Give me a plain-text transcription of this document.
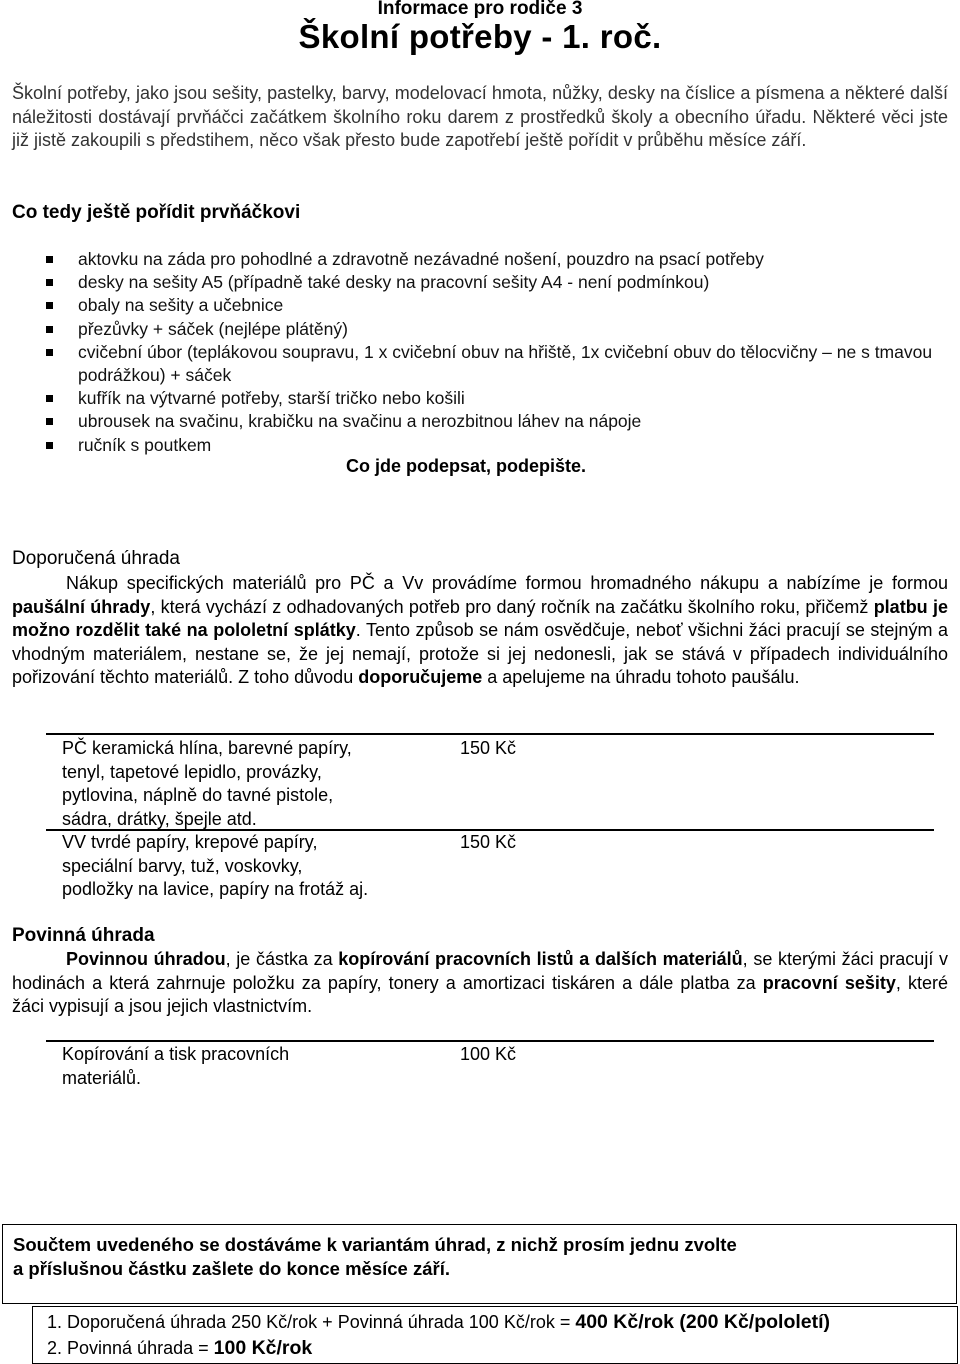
Informace pro rodiče 3
Školní potřeby - 1. roč.
Školní potřeby, jako jsou sešity, pastelky, barvy, modelovací hmota, nůžky, desky na číslice a písmena a některé další náležitosti dostávají prvňáčci začátkem školního roku darem z prostředků školy a obecního úřadu. Některé věci jste již jistě zakoupili s předstihem, něco však přesto bude zapotřebí ještě pořídit v průběhu měsíce září.
Co tedy ještě pořídit prvňáčkovi
aktovku na záda pro pohodlné a zdravotně nezávadné nošení, pouzdro na psací potřeby
desky na sešity A5 (případně také desky na pracovní sešity A4 - není podmínkou)
obaly na sešity a učebnice
přezůvky + sáček (nejlépe plátěný)
cvičební úbor (teplákovou soupravu, 1 x cvičební obuv na hřiště, 1x cvičební obuv do tělocvičny – ne s tmavou podrážkou) + sáček
kufřík na výtvarné potřeby, starší tričko nebo košili
ubrousek na svačinu, krabičku na svačinu a nerozbitnou láhev na nápoje
ručník s poutkem
Co jde podepsat, podepište.
Doporučená úhrada
Nákup specifických materiálů pro PČ a Vv provádíme formou hromadného nákupu a nabízíme je formou paušální úhrady, která vychází z odhadovaných potřeb pro daný ročník na začátku školního roku, přičemž platbu je možno rozdělit také na pololetní splátky. Tento způsob se nám osvědčuje, neboť všichni žáci pracují se stejným a vhodným materiálem, nestane se, že jej nemají, protože si jej nedonesli, jak se stává v případech individuálního pořizování těchto materiálů. Z toho důvodu doporučujeme a apelujeme na úhradu tohoto paušálu.
PČ keramická hlína, barevné papíry,
tenyl, tapetové lepidlo, provázky,
pytlovina, náplně do tavné pistole,
sádra, drátky, špejle atd.
150 Kč
VV tvrdé papíry, krepové papíry,
speciální barvy, tuž, voskovky,
podložky na lavice, papíry na frotáž aj.
150 Kč
Povinná úhrada
Povinnou úhradou, je částka za kopírování pracovních listů a dalších materiálů, se kterými žáci pracují v hodinách a která zahrnuje položku za papíry, tonery a amortizaci tiskáren a dále platba za pracovní sešity, které žáci vypisují a jsou jejich vlastnictvím.
Kopírování a tisk pracovních
materiálů.
100 Kč
Součtem uvedeného se dostáváme k variantám úhrad, z nichž prosím jednu zvolte
a příslušnou částku zašlete do konce měsíce září.
1. Doporučená úhrada 250 Kč/rok + Povinná úhrada 100 Kč/rok = 400 Kč/rok (200 Kč/pololetí)
2. Povinná úhrada = 100 Kč/rok
